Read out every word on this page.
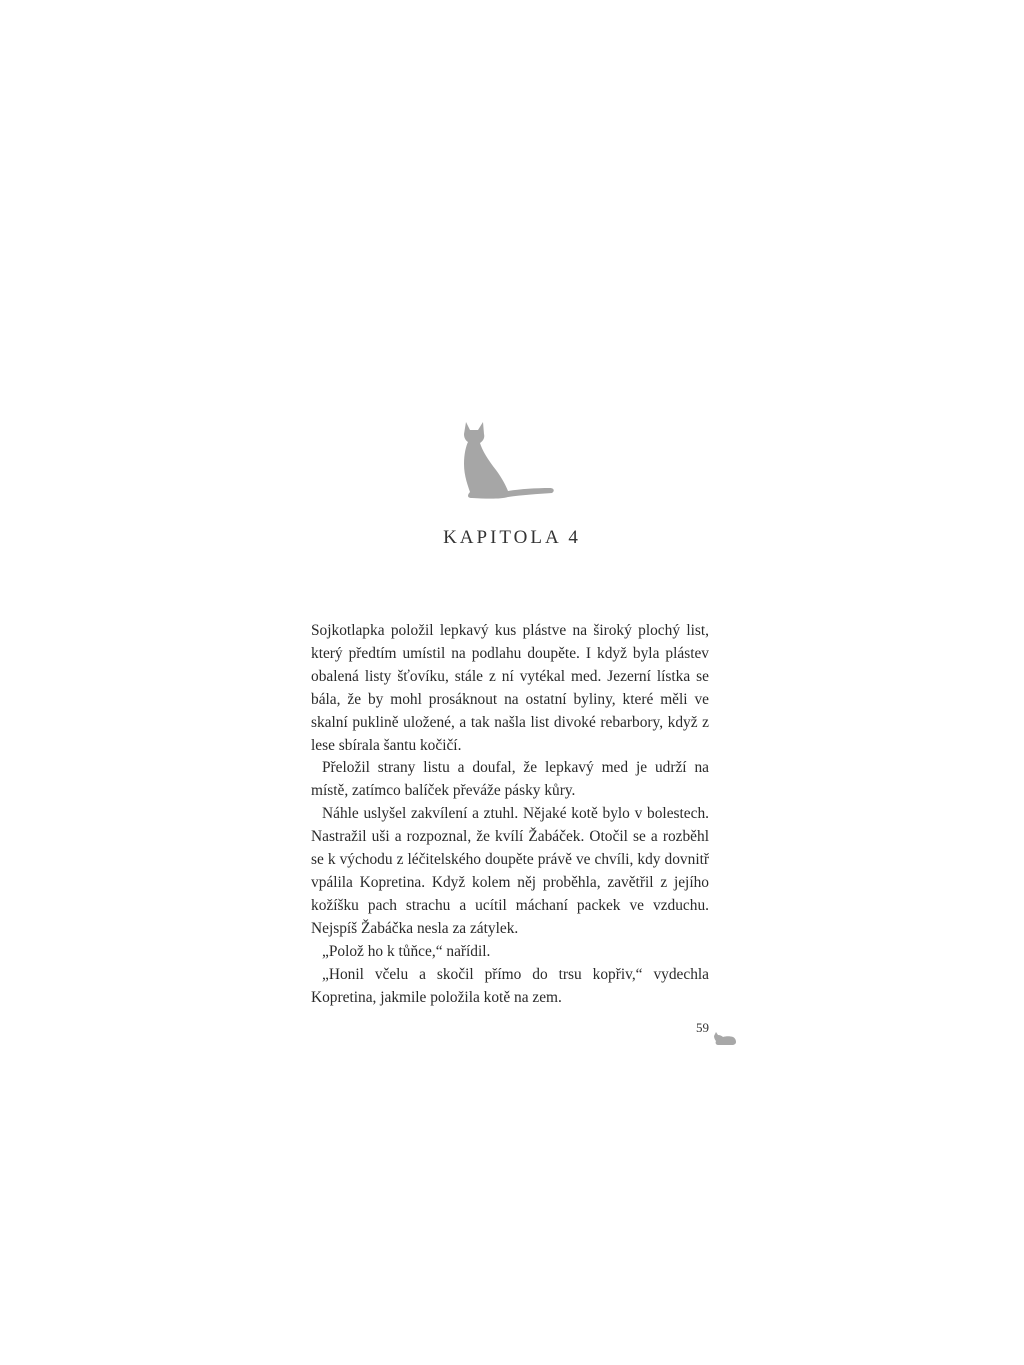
KAPITOLA 4

Sojkotlapka položil lepkavý kus plástve na široký plochý list, který předtím umístil na podlahu doupěte. I když byla plástev obalená listy šťovíku, stále z ní vytékal med. Jezerní lístka se bála, že by mohl prosáknout na ostatní byliny, které měli ve skalní puklině uložené, a tak našla list divoké rebarbory, když z lese sbírala šantu kočičí.

Přeložil strany listu a doufal, že lepkavý med je udrží na místě, zatímco balíček převáže pásky kůry.

Náhle uslyšel zakvílení a ztuhl. Nějaké kotě bylo v bolestech. Nastražil uši a rozpoznal, že kvílí Žabáček. Otočil se a rozběhl se k východu z léčitelského doupěte právě ve chvíli, kdy dovnitř vpálila Kopretina. Když kolem něj proběhla, zavětřil z jejího kožíšku pach strachu a ucítil máchaní packek ve vzduchu. Nejspíš Žabáčka nesla za zátylek.

„Polož ho k tůňce,“ nařídil.

„Honil včelu a skočil přímo do trsu kopřiv,“ vydechla Kopretina, jakmile položila kotě na zem.

59
